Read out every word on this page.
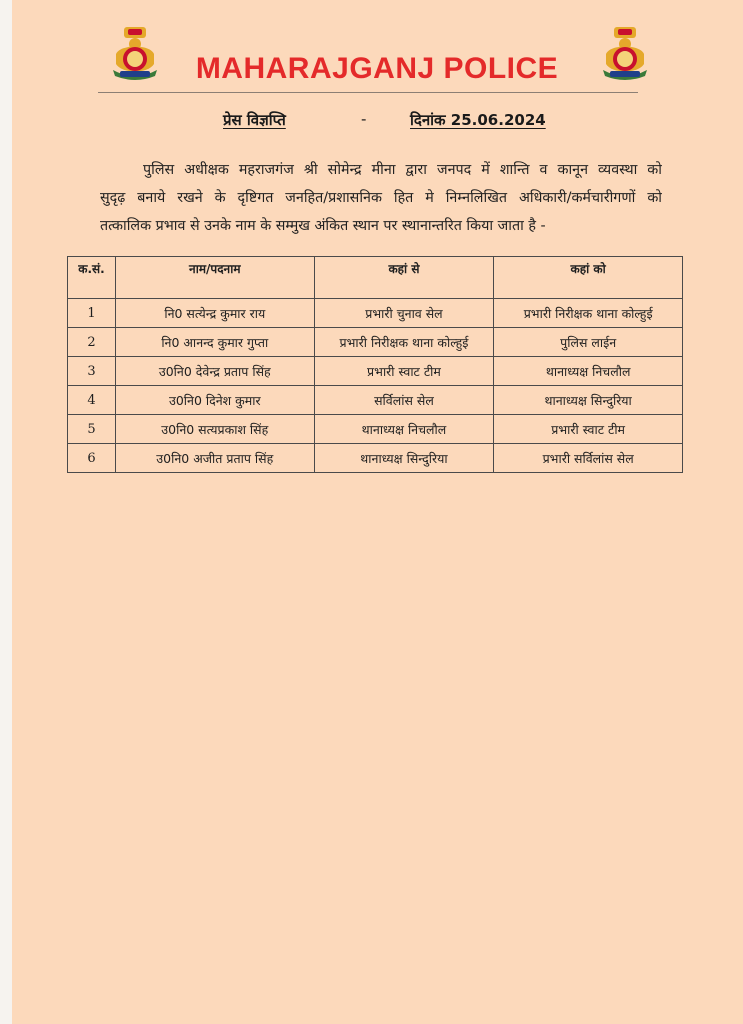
MAHARAJGANJ POLICE
प्रेस विज्ञप्ति	-	दिनांक 25.06.2024
पुलिस अधीक्षक महराजगंज श्री सोमेन्द्र मीना द्वारा जनपद में शान्ति व कानून व्यवस्था को
सुदृढ़ बनाये रखने के दृष्टिगत जनहित/प्रशासनिक हित मे निम्नलिखित अधिकारी/कर्मचारीगणों को
तत्कालिक प्रभाव से उनके नाम के सम्मुख अंकित स्थान पर स्थानान्तरित किया जाता है -
क.सं.	नाम/पदनाम	कहां से	कहां को
1	नि0 सत्येन्द्र कुमार राय	प्रभारी चुनाव सेल	प्रभारी निरीक्षक थाना कोल्हुई
2	नि0 आनन्द कुमार गुप्ता	प्रभारी निरीक्षक थाना कोल्हुई	पुलिस लाईन
3	उ0नि0 देवेन्द्र प्रताप सिंह	प्रभारी स्वाट टीम	थानाध्यक्ष निचलौल
4	उ0नि0 दिनेश कुमार	सर्विलांस सेल	थानाध्यक्ष सिन्दुरिया
5	उ0नि0 सत्यप्रकाश सिंह	थानाध्यक्ष निचलौल	प्रभारी स्वाट टीम
6	उ0नि0 अजीत प्रताप सिंह	थानाध्यक्ष सिन्दुरिया	प्रभारी सर्विलांस सेल
